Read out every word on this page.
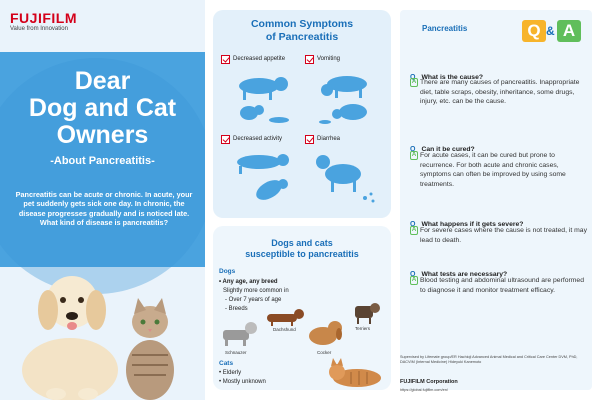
FUJIFILM
Value from Innovation
Dear
Dog and Cat
Owners
-About Pancreatitis-
Pancreatitis can be acute or chronic. In acute, your pet suddenly gets sick one day. In chronic, the disease progresses gradually and is noticed late. What kind of disease is pancreatitis?
Common Symptoms
of Pancreatitis
Decreased appetite	Vomiting
Decreased activity	Diarrhea
Dogs and cats
susceptible to pancreatitis
Dogs
• Any age, any breed
Slightly more common in
- Over 7 years of age
- Breeds
Dachshund	Terriers
Schnauzer	Cocker
Cats
• Elderly
• Mostly unknown
Pancreatitis	Q & A
Q What is the cause?
A There are many causes of pancreatitis. Inappropriate diet, table scraps, obesity, inheritance, some drugs, injury, etc. can be the cause.
Q Can it be cured?
A For acute cases, it can be cured but prone to recurrence. For both acute and chronic cases, symptoms can often be improved by using some treatments.
Q What happens if it gets severe?
A For severe cases where the cause is not treated, it may lead to death.
Q What tests are necessary?
A Blood testing and abdominal ultrasound are performed to diagnose it and monitor treatment efficacy.
Supervised by Lifemate group/ER Hachioji Advanced Animal Medical and Critical Care Center DVM, PhD, DACVIM (Internal Medicine) Hideyuki Kanemoto
FUJIFILM Corporation
https://global.fujifilm.com/en/
